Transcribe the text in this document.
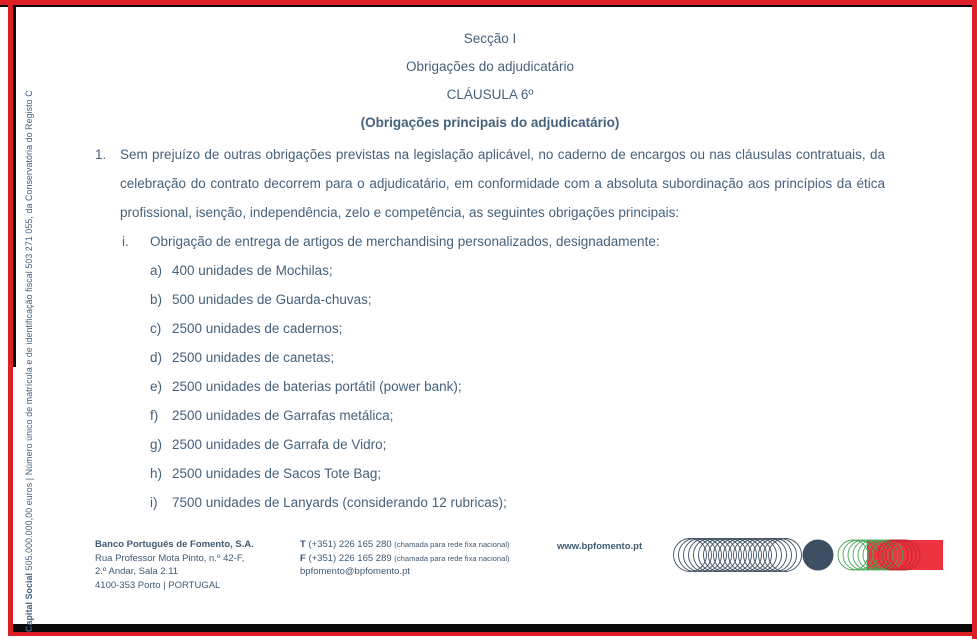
Capital Social 505.000.000,00 euros | Número único de matrícula e de identificação fiscal 503 271 055, da Conservatória do Registo C
Secção I
Obrigações do adjudicatário
CLÁUSULA 6º
(Obrigações principais do adjudicatário)
1.	Sem prejuízo de outras obrigações previstas na legislação aplicável, no caderno de encargos ou nas cláusulas contratuais, da celebração do contrato decorrem para o adjudicatário, em conformidade com a absoluta subordinação aos princípios da ética profissional, isenção, independência, zelo e competência, as seguintes obrigações principais:

i.	Obrigação de entrega de artigos de merchandising personalizados, designadamente:
a) 400 unidades de Mochilas;
b) 500 unidades de Guarda-chuvas;
c) 2500 unidades de cadernos;
d) 2500 unidades de canetas;
e) 2500 unidades de baterias portátil (power bank);
f)	2500 unidades de Garrafas metálica;
g) 2500 unidades de Garrafa de Vidro;
h) 2500 unidades de Sacos Tote Bag;
i)	7500 unidades de Lanyards (considerando 12 rubricas);
Banco Português de Fomento, S.A.
Rua Professor Mota Pinto, n.º 42-F,
2.º Andar, Sala 2.11
4100-353 Porto | PORTUGAL
T (+351) 226 165 280 (chamada para rede fixa nacional)
F (+351) 226 165 289 (chamada para rede fixa nacional)
bpfomento@bpfomento.pt
www.bpfomento.pt
